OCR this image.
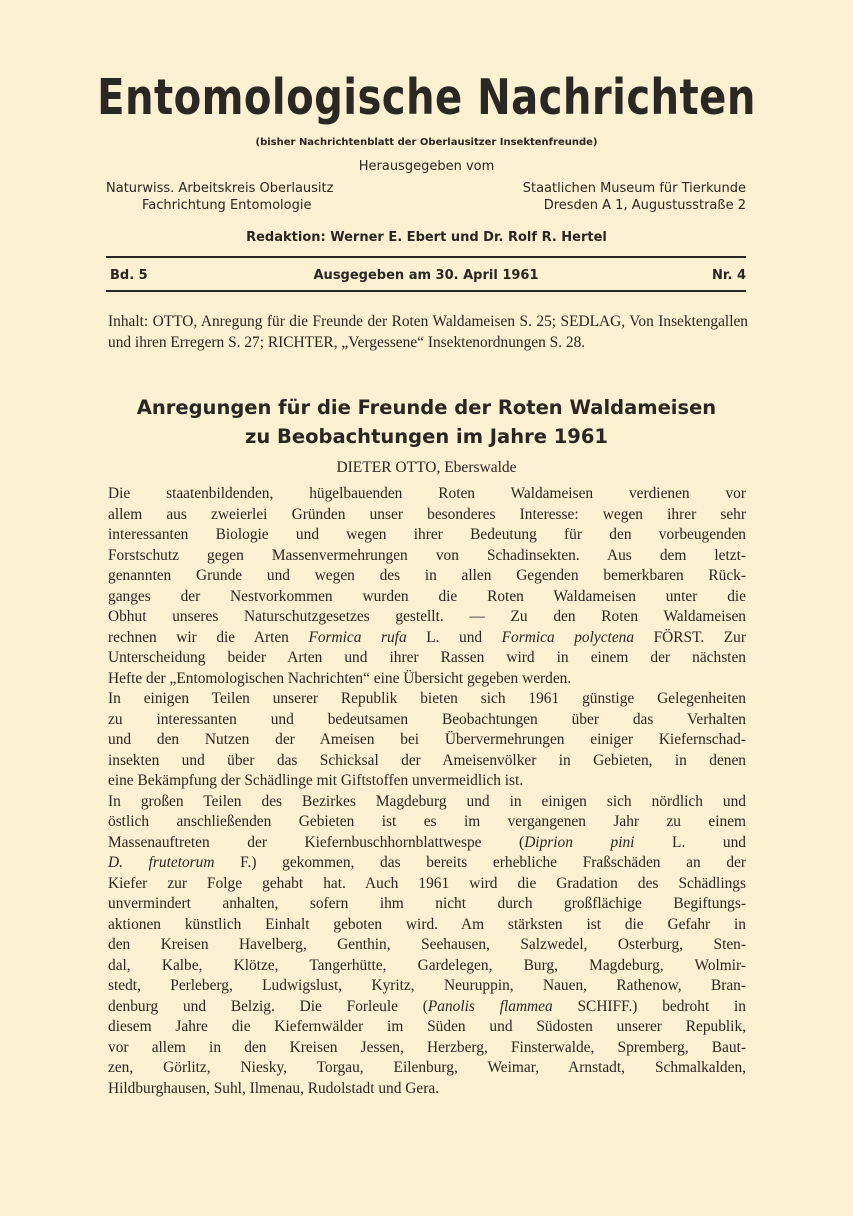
Entomologische Nachrichten
(bisher Nachrichtenblatt der Oberlausitzer Insektenfreunde)
Herausgegeben vom
Naturwiss. Arbeitskreis Oberlausitz
Fachrichtung Entomologie
Staatlichen Museum für Tierkunde
Dresden A 1, Augustusstraße 2
Redaktion: Werner E. Ebert und Dr. Rolf R. Hertel
Bd. 5	Ausgegeben am 30. April 1961	Nr. 4
Inhalt: OTTO, Anregung für die Freunde der Roten Waldameisen S. 25; SEDLAG, Von Insektengallen und ihren Erregern S. 27; RICHTER, „Vergessene“ Insektenordnungen S. 28.
Anregungen für die Freunde der Roten Waldameisen
zu Beobachtungen im Jahre 1961
DIETER OTTO, Eberswalde
Die staatenbildenden, hügelbauenden Roten Waldameisen verdienen vor
allem aus zweierlei Gründen unser besonderes Interesse: wegen ihrer sehr
interessanten Biologie und wegen ihrer Bedeutung für den vorbeugenden
Forstschutz gegen Massenvermehrungen von Schadinsekten. Aus dem letzt-
genannten Grunde und wegen des in allen Gegenden bemerkbaren Rück-
ganges der Nestvorkommen wurden die Roten Waldameisen unter die
Obhut unseres Naturschutzgesetzes gestellt. — Zu den Roten Waldameisen
rechnen wir die Arten Formica rufa L. und Formica polyctena FÖRST. Zur
Unterscheidung beider Arten und ihrer Rassen wird in einem der nächsten
Hefte der „Entomologischen Nachrichten“ eine Übersicht gegeben werden.
In einigen Teilen unserer Republik bieten sich 1961 günstige Gelegenheiten
zu interessanten und bedeutsamen Beobachtungen über das Verhalten
und den Nutzen der Ameisen bei Übervermehrungen einiger Kiefernschad-
insekten und über das Schicksal der Ameisenvölker in Gebieten, in denen
eine Bekämpfung der Schädlinge mit Giftstoffen unvermeidlich ist.
In großen Teilen des Bezirkes Magdeburg und in einigen sich nördlich und
östlich anschließenden Gebieten ist es im vergangenen Jahr zu einem
Massenauftreten der Kiefernbuschhornblattwespe (Diprion pini L. und
D. frutetorum F.) gekommen, das bereits erhebliche Fraßschäden an der
Kiefer zur Folge gehabt hat. Auch 1961 wird die Gradation des Schädlings
unvermindert anhalten, sofern ihm nicht durch großflächige Begiftungs-
aktionen künstlich Einhalt geboten wird. Am stärksten ist die Gefahr in
den Kreisen Havelberg, Genthin, Seehausen, Salzwedel, Osterburg, Sten-
dal, Kalbe, Klötze, Tangerhütte, Gardelegen, Burg, Magdeburg, Wolmir-
stedt, Perleberg, Ludwigslust, Kyritz, Neuruppin, Nauen, Rathenow, Bran-
denburg und Belzig. Die Forleule (Panolis flammea SCHIFF.) bedroht in
diesem Jahre die Kiefernwälder im Süden und Südosten unserer Republik,
vor allem in den Kreisen Jessen, Herzberg, Finsterwalde, Spremberg, Baut-
zen, Görlitz, Niesky, Torgau, Eilenburg, Weimar, Arnstadt, Schmalkalden,
Hildburghausen, Suhl, Ilmenau, Rudolstadt und Gera.
